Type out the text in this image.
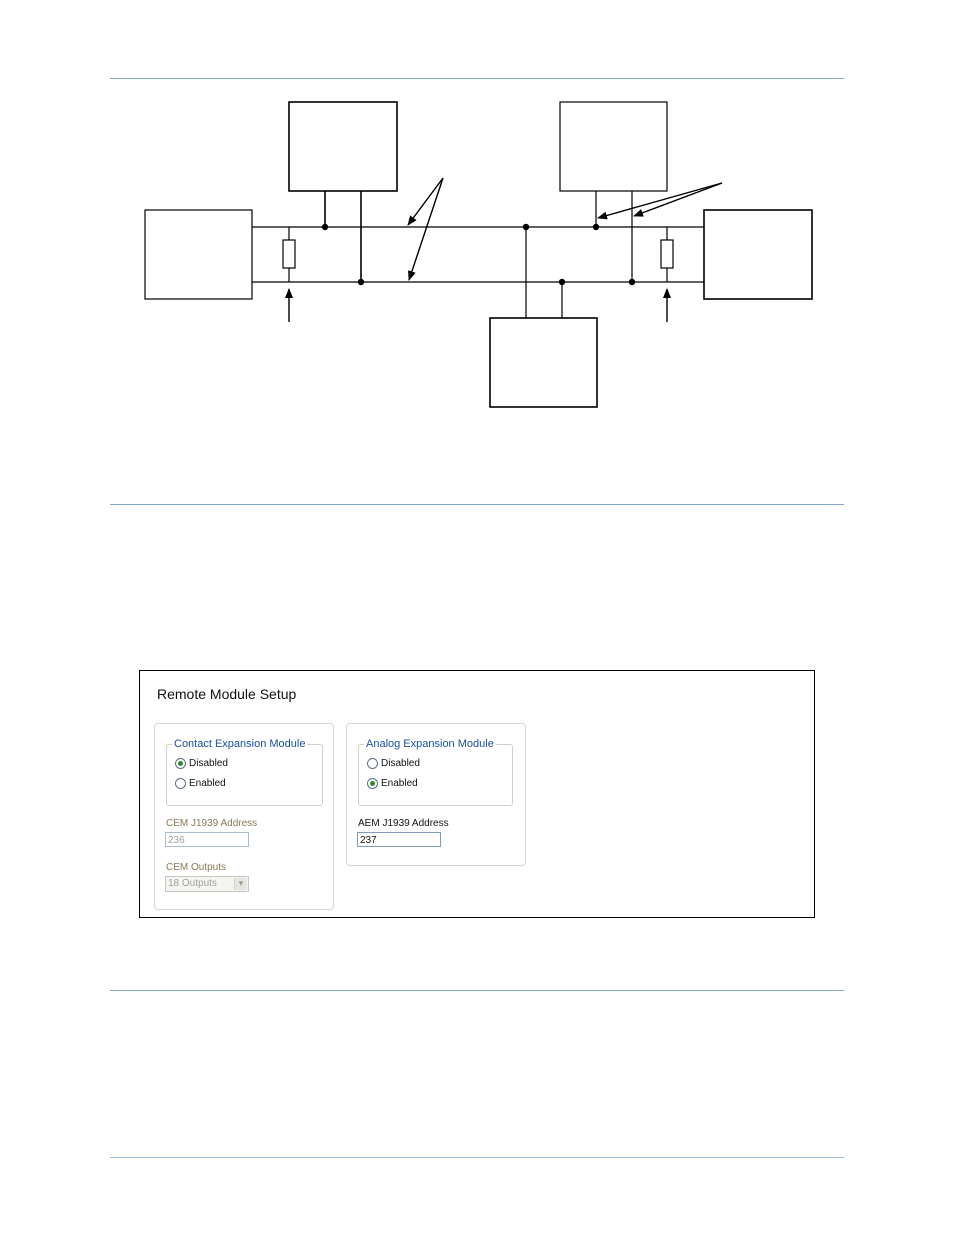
Remote Module Setup
Contact Expansion Module
Disabled
Enabled
CEM J1939 Address
236
CEM Outputs
18 Outputs	▼
Analog Expansion Module
Disabled
Enabled
AEM J1939 Address
237
